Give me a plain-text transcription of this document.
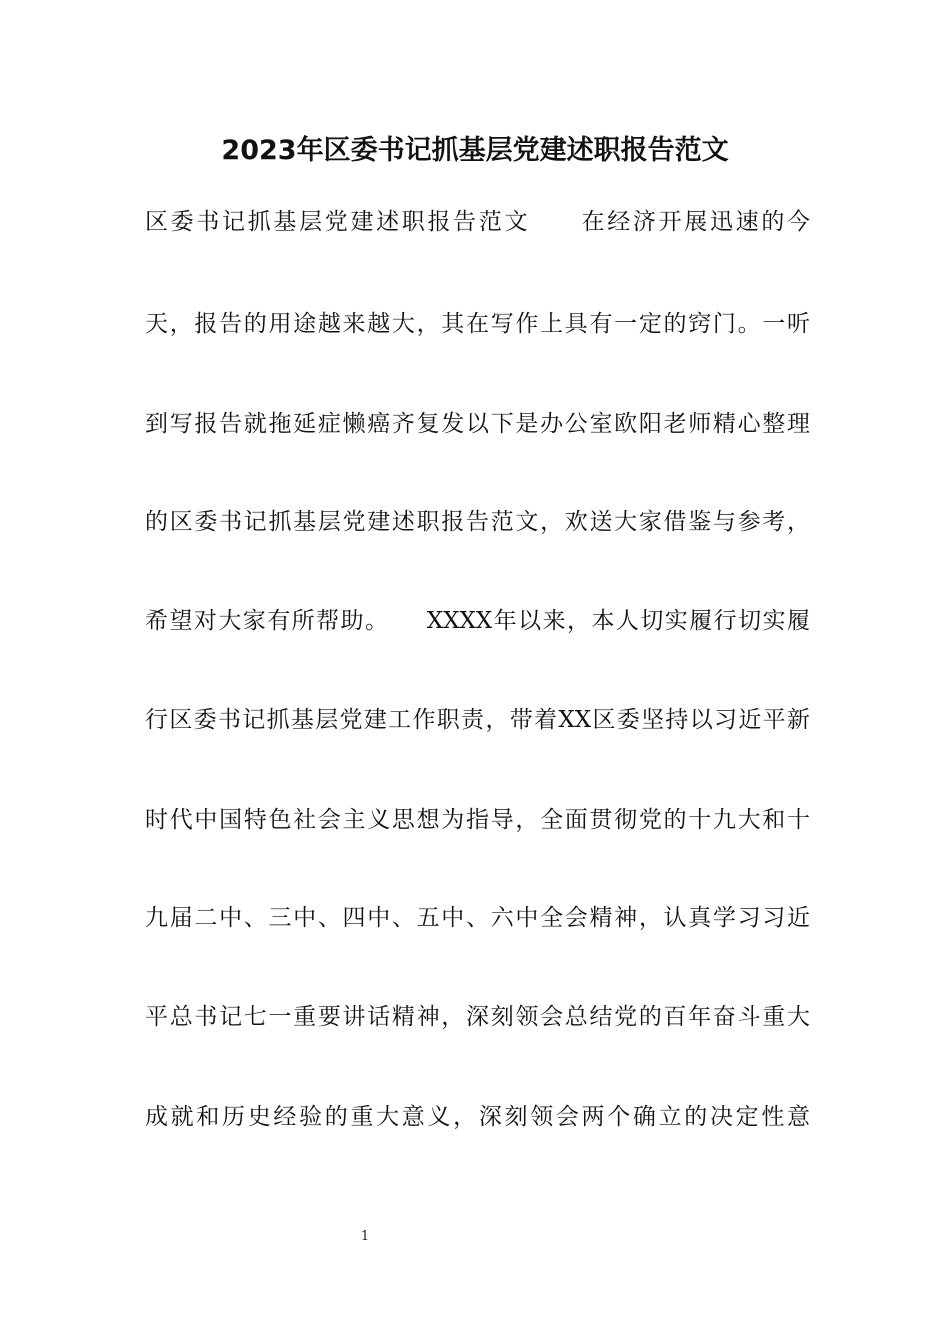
2023年区委书记抓基层党建述职报告范文
区委书记抓基层党建述职报告范文　　在经济开展迅速的今
天，报告的用途越来越大，其在写作上具有一定的窍门。一听
到写报告就拖延症懒癌齐复发以下是办公室欧阳老师精心整理
的区委书记抓基层党建述职报告范文，欢送大家借鉴与参考，
希望对大家有所帮助。　　XXXX年以来，本人切实履行切实履
行区委书记抓基层党建工作职责，带着XX区委坚持以习近平新
时代中国特色社会主义思想为指导，全面贯彻党的十九大和十
九届二中、三中、四中、五中、六中全会精神，认真学习习近
平总书记七一重要讲话精神，深刻领会总结党的百年奋斗重大
成就和历史经验的重大意义，深刻领会两个确立的决定性意
1
